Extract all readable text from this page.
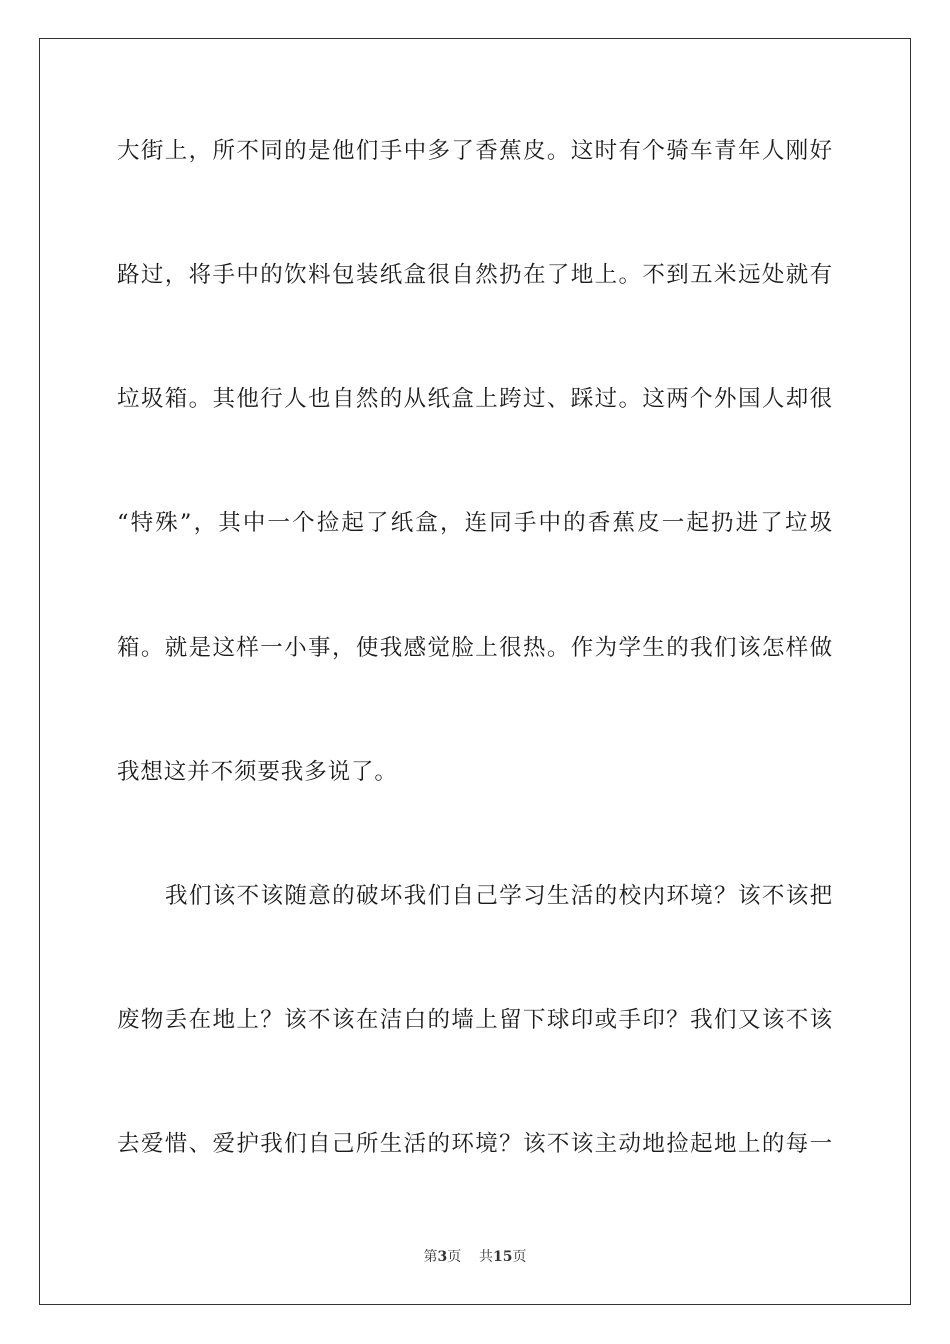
大街上，所不同的是他们手中多了香蕉皮。这时有个骑车青年人刚好
路过，将手中的饮料包装纸盒很自然扔在了地上。不到五米远处就有
垃圾箱。其他行人也自然的从纸盒上跨过、踩过。这两个外国人却很
“特殊”，其中一个捡起了纸盒，连同手中的香蕉皮一起扔进了垃圾
箱。就是这样一小事，使我感觉脸上很热。作为学生的我们该怎样做
我想这并不须要我多说了。
我们该不该随意的破坏我们自己学习生活的校内环境？该不该把
废物丢在地上？该不该在洁白的墙上留下球印或手印？我们又该不该
去爱惜、爱护我们自己所生活的环境？该不该主动地捡起地上的每一
第3页 共15页
